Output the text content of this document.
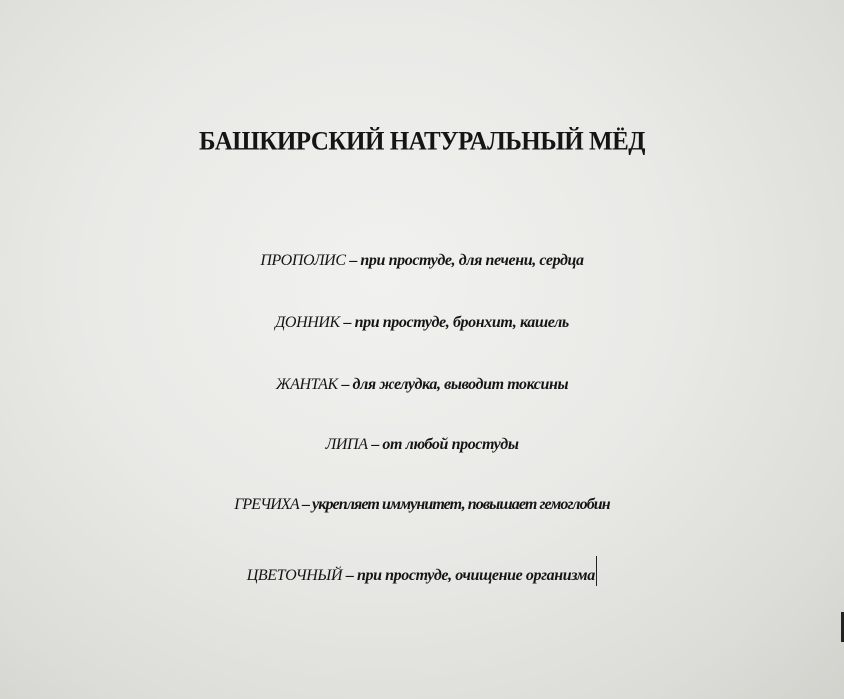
БАШКИРСКИЙ НАТУРАЛЬНЫЙ МЁД
ПРОПОЛИС – при простуде, для печени, сердца
ДОННИК – при простуде, бронхит, кашель
ЖАНТАК – для желудка, выводит токсины
ЛИПА – от любой простуды
ГРЕЧИХА – укрепляет иммунитет, повышает гемоглобин
ЦВЕТОЧНЫЙ – при простуде, очищение организма
